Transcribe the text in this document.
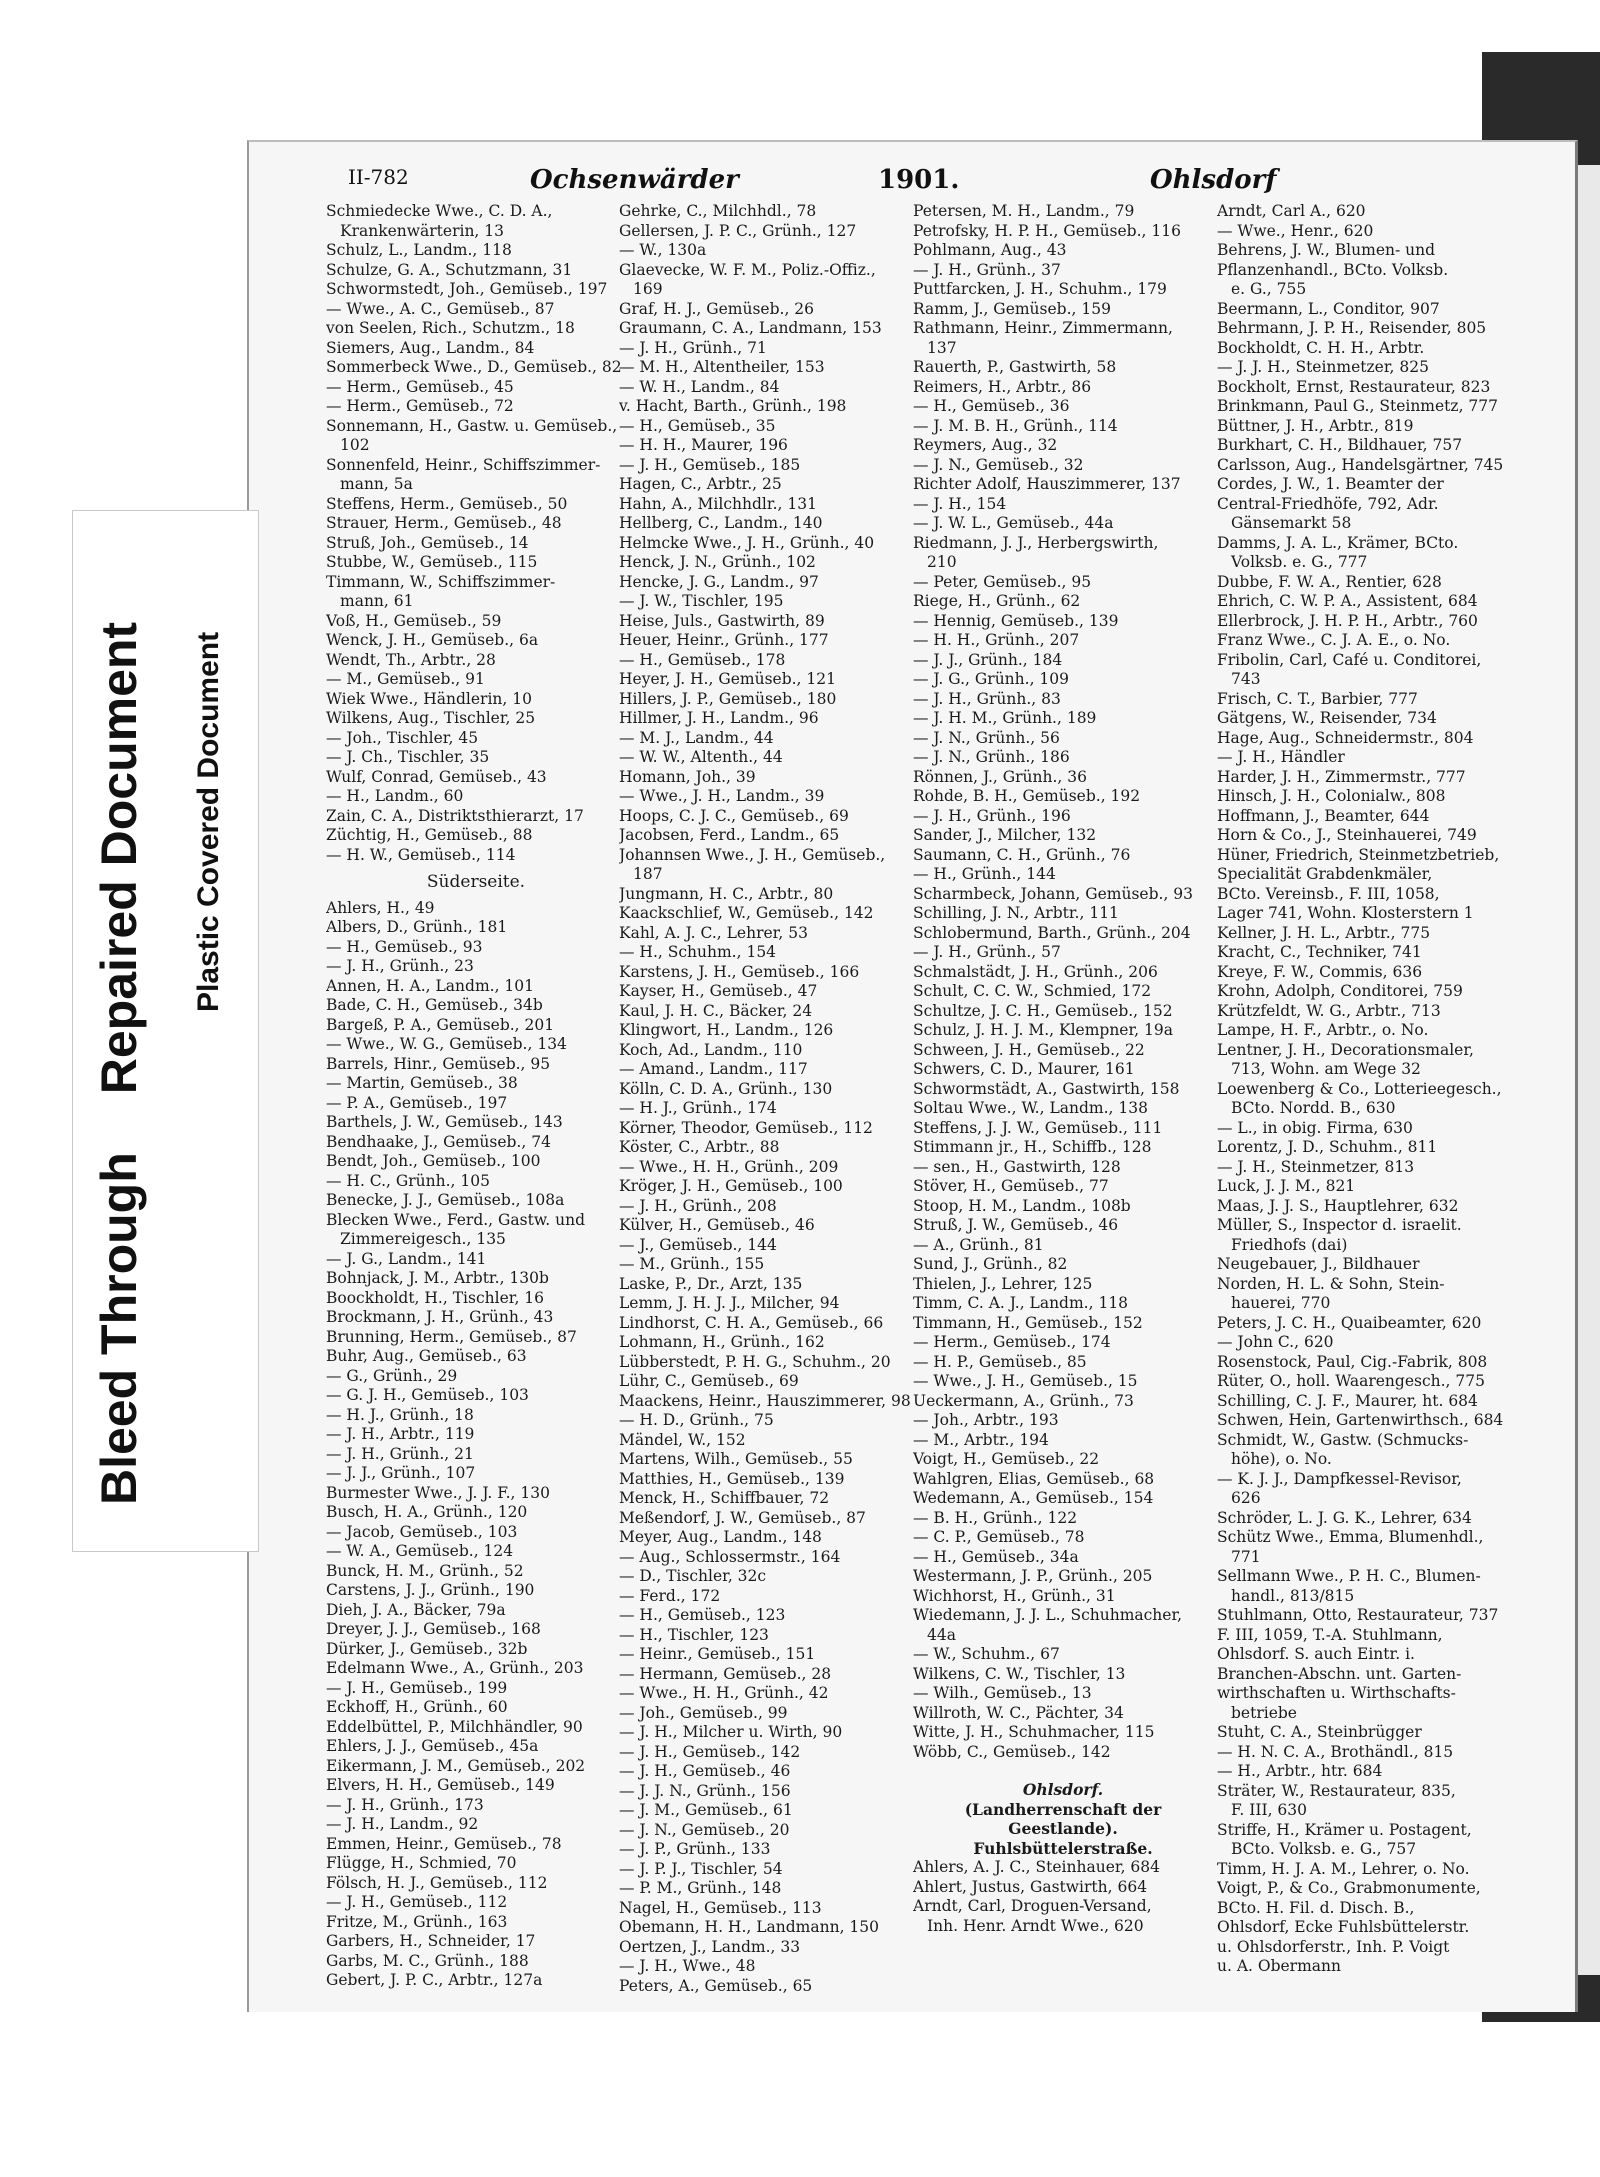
Bleed ThroughRepaired Document Plastic Covered Document
II-782	Ochsenwärder	1901.	Ohlsdorf
Schmiedecke Wwe., C. D. A.,
Krankenwärterin, 13
Schulz, L., Landm., 118
Schulze, G. A., Schutzmann, 31
Schwormstedt, Joh., Gemüseb., 197
— Wwe., A. C., Gemüseb., 87
von Seelen, Rich., Schutzm., 18
Siemers, Aug., Landm., 84
Sommerbeck Wwe., D., Gemüseb., 82
— Herm., Gemüseb., 45
— Herm., Gemüseb., 72
Sonnemann, H., Gastw. u. Gemüseb.,
102
Sonnenfeld, Heinr., Schiffszimmer-
mann, 5a
Steffens, Herm., Gemüseb., 50
Strauer, Herm., Gemüseb., 48
Struß, Joh., Gemüseb., 14
Stubbe, W., Gemüseb., 115
Timmann, W., Schiffszimmer-
mann, 61
Voß, H., Gemüseb., 59
Wenck, J. H., Gemüseb., 6a
Wendt, Th., Arbtr., 28
— M., Gemüseb., 91
Wiek Wwe., Händlerin, 10
Wilkens, Aug., Tischler, 25
— Joh., Tischler, 45
— J. Ch., Tischler, 35
Wulf, Conrad, Gemüseb., 43
— H., Landm., 60
Zain, C. A., Distriktsthierarzt, 17
Züchtig, H., Gemüseb., 88
— H. W., Gemüseb., 114
Süderseite.
Ahlers, H., 49
Albers, D., Grünh., 181
— H., Gemüseb., 93
— J. H., Grünh., 23
Annen, H. A., Landm., 101
Bade, C. H., Gemüseb., 34b
Bargeß, P. A., Gemüseb., 201
— Wwe., W. G., Gemüseb., 134
Barrels, Hinr., Gemüseb., 95
— Martin, Gemüseb., 38
— P. A., Gemüseb., 197
Barthels, J. W., Gemüseb., 143
Bendhaake, J., Gemüseb., 74
Bendt, Joh., Gemüseb., 100
— H. C., Grünh., 105
Benecke, J. J., Gemüseb., 108a
Blecken Wwe., Ferd., Gastw. und
Zimmereigesch., 135
— J. G., Landm., 141
Bohnjack, J. M., Arbtr., 130b
Boockholdt, H., Tischler, 16
Brockmann, J. H., Grünh., 43
Brunning, Herm., Gemüseb., 87
Buhr, Aug., Gemüseb., 63
— G., Grünh., 29
— G. J. H., Gemüseb., 103
— H. J., Grünh., 18
— J. H., Arbtr., 119
— J. H., Grünh., 21
— J. J., Grünh., 107
Burmester Wwe., J. J. F., 130
Busch, H. A., Grünh., 120
— Jacob, Gemüseb., 103
— W. A., Gemüseb., 124
Bunck, H. M., Grünh., 52
Carstens, J. J., Grünh., 190
Dieh, J. A., Bäcker, 79a
Dreyer, J. J., Gemüseb., 168
Dürker, J., Gemüseb., 32b
Edelmann Wwe., A., Grünh., 203
— J. H., Gemüseb., 199
Eckhoff, H., Grünh., 60
Eddelbüttel, P., Milchhändler, 90
Ehlers, J. J., Gemüseb., 45a
Eikermann, J. M., Gemüseb., 202
Elvers, H. H., Gemüseb., 149
— J. H., Grünh., 173
— J. H., Landm., 92
Emmen, Heinr., Gemüseb., 78
Flügge, H., Schmied, 70
Fölsch, H. J., Gemüseb., 112
— J. H., Gemüseb., 112
Fritze, M., Grünh., 163
Garbers, H., Schneider, 17
Garbs, M. C., Grünh., 188
Gebert, J. P. C., Arbtr., 127a
Gehrke, C., Milchhdl., 78
Gellersen, J. P. C., Grünh., 127
— W., 130a
Glaevecke, W. F. M., Poliz.-Offiz.,
169
Graf, H. J., Gemüseb., 26
Graumann, C. A., Landmann, 153
— J. H., Grünh., 71
— M. H., Altentheiler, 153
— W. H., Landm., 84
v. Hacht, Barth., Grünh., 198
— H., Gemüseb., 35
— H. H., Maurer, 196
— J. H., Gemüseb., 185
Hagen, C., Arbtr., 25
Hahn, A., Milchhdlr., 131
Hellberg, C., Landm., 140
Helmcke Wwe., J. H., Grünh., 40
Henck, J. N., Grünh., 102
Hencke, J. G., Landm., 97
— J. W., Tischler, 195
Heise, Juls., Gastwirth, 89
Heuer, Heinr., Grünh., 177
— H., Gemüseb., 178
Heyer, J. H., Gemüseb., 121
Hillers, J. P., Gemüseb., 180
Hillmer, J. H., Landm., 96
— M. J., Landm., 44
— W. W., Altenth., 44
Homann, Joh., 39
— Wwe., J. H., Landm., 39
Hoops, C. J. C., Gemüseb., 69
Jacobsen, Ferd., Landm., 65
Johannsen Wwe., J. H., Gemüseb.,
187
Jungmann, H. C., Arbtr., 80
Kaackschlief, W., Gemüseb., 142
Kahl, A. J. C., Lehrer, 53
— H., Schuhm., 154
Karstens, J. H., Gemüseb., 166
Kayser, H., Gemüseb., 47
Kaul, J. H. C., Bäcker, 24
Klingwort, H., Landm., 126
Koch, Ad., Landm., 110
— Amand., Landm., 117
Kölln, C. D. A., Grünh., 130
— H. J., Grünh., 174
Körner, Theodor, Gemüseb., 112
Köster, C., Arbtr., 88
— Wwe., H. H., Grünh., 209
Kröger, J. H., Gemüseb., 100
— J. H., Grünh., 208
Külver, H., Gemüseb., 46
— J., Gemüseb., 144
— M., Grünh., 155
Laske, P., Dr., Arzt, 135
Lemm, J. H. J. J., Milcher, 94
Lindhorst, C. H. A., Gemüseb., 66
Lohmann, H., Grünh., 162
Lübberstedt, P. H. G., Schuhm., 20
Lühr, C., Gemüseb., 69
Maackens, Heinr., Hauszimmerer, 98
— H. D., Grünh., 75
Mändel, W., 152
Martens, Wilh., Gemüseb., 55
Matthies, H., Gemüseb., 139
Menck, H., Schiffbauer, 72
Meßendorf, J. W., Gemüseb., 87
Meyer, Aug., Landm., 148
— Aug., Schlossermstr., 164
— D., Tischler, 32c
— Ferd., 172
— H., Gemüseb., 123
— H., Tischler, 123
— Heinr., Gemüseb., 151
— Hermann, Gemüseb., 28
— Wwe., H. H., Grünh., 42
— Joh., Gemüseb., 99
— J. H., Milcher u. Wirth, 90
— J. H., Gemüseb., 142
— J. H., Gemüseb., 46
— J. J. N., Grünh., 156
— J. M., Gemüseb., 61
— J. N., Gemüseb., 20
— J. P., Grünh., 133
— J. P. J., Tischler, 54
— P. M., Grünh., 148
Nagel, H., Gemüseb., 113
Obemann, H. H., Landmann, 150
Oertzen, J., Landm., 33
— J. H., Wwe., 48
Peters, A., Gemüseb., 65
Petersen, M. H., Landm., 79
Petrofsky, H. P. H., Gemüseb., 116
Pohlmann, Aug., 43
— J. H., Grünh., 37
Puttfarcken, J. H., Schuhm., 179
Ramm, J., Gemüseb., 159
Rathmann, Heinr., Zimmermann,
137
Rauerth, P., Gastwirth, 58
Reimers, H., Arbtr., 86
— H., Gemüseb., 36
— J. M. B. H., Grünh., 114
Reymers, Aug., 32
— J. N., Gemüseb., 32
Richter Adolf, Hauszimmerer, 137
— J. H., 154
— J. W. L., Gemüseb., 44a
Riedmann, J. J., Herbergswirth,
210
— Peter, Gemüseb., 95
Riege, H., Grünh., 62
— Hennig, Gemüseb., 139
— H. H., Grünh., 207
— J. J., Grünh., 184
— J. G., Grünh., 109
— J. H., Grünh., 83
— J. H. M., Grünh., 189
— J. N., Grünh., 56
— J. N., Grünh., 186
Rönnen, J., Grünh., 36
Rohde, B. H., Gemüseb., 192
— J. H., Grünh., 196
Sander, J., Milcher, 132
Saumann, C. H., Grünh., 76
— H., Grünh., 144
Scharmbeck, Johann, Gemüseb., 93
Schilling, J. N., Arbtr., 111
Schlobermund, Barth., Grünh., 204
— J. H., Grünh., 57
Schmalstädt, J. H., Grünh., 206
Schult, C. C. W., Schmied, 172
Schultze, J. C. H., Gemüseb., 152
Schulz, J. H. J. M., Klempner, 19a
Schween, J. H., Gemüseb., 22
Schwers, C. D., Maurer, 161
Schwormstädt, A., Gastwirth, 158
Soltau Wwe., W., Landm., 138
Steffens, J. J. W., Gemüseb., 111
Stimmann jr., H., Schiffb., 128
— sen., H., Gastwirth, 128
Stöver, H., Gemüseb., 77
Stoop, H. M., Landm., 108b
Struß, J. W., Gemüseb., 46
— A., Grünh., 81
Sund, J., Grünh., 82
Thielen, J., Lehrer, 125
Timm, C. A. J., Landm., 118
Timmann, H., Gemüseb., 152
— Herm., Gemüseb., 174
— H. P., Gemüseb., 85
— Wwe., J. H., Gemüseb., 15
Ueckermann, A., Grünh., 73
— Joh., Arbtr., 193
— M., Arbtr., 194
Voigt, H., Gemüseb., 22
Wahlgren, Elias, Gemüseb., 68
Wedemann, A., Gemüseb., 154
— B. H., Grünh., 122
— C. P., Gemüseb., 78
— H., Gemüseb., 34a
Westermann, J. P., Grünh., 205
Wichhorst, H., Grünh., 31
Wiedemann, J. J. L., Schuhmacher,
44a
— W., Schuhm., 67
Wilkens, C. W., Tischler, 13
— Wilh., Gemüseb., 13
Willroth, W. C., Pächter, 34
Witte, J. H., Schuhmacher, 115
Wöbb, C., Gemüseb., 142
Ohlsdorf.
(Landherrenschaft der
Geestlande).
Fuhlsbüttelerstraße.
Ahlers, A. J. C., Steinhauer, 684
Ahlert, Justus, Gastwirth, 664
Arndt, Carl, Droguen-Versand,
Inh. Henr. Arndt Wwe., 620
Arndt, Carl A., 620
— Wwe., Henr., 620
Behrens, J. W., Blumen- und
Pflanzenhandl., BCto. Volksb.
e. G., 755
Beermann, L., Conditor, 907
Behrmann, J. P. H., Reisender, 805
Bockholdt, C. H. H., Arbtr.
— J. J. H., Steinmetzer, 825
Bockholt, Ernst, Restaurateur, 823
Brinkmann, Paul G., Steinmetz, 777
Büttner, J. H., Arbtr., 819
Burkhart, C. H., Bildhauer, 757
Carlsson, Aug., Handelsgärtner, 745
Cordes, J. W., 1. Beamter der
Central-Friedhöfe, 792, Adr.
Gänsemarkt 58
Damms, J. A. L., Krämer, BCto.
Volksb. e. G., 777
Dubbe, F. W. A., Rentier, 628
Ehrich, C. W. P. A., Assistent, 684
Ellerbrock, J. H. P. H., Arbtr., 760
Franz Wwe., C. J. A. E., o. No.
Fribolin, Carl, Café u. Conditorei,
743
Frisch, C. T., Barbier, 777
Gätgens, W., Reisender, 734
Hage, Aug., Schneidermstr., 804
— J. H., Händler
Harder, J. H., Zimmermstr., 777
Hinsch, J. H., Colonialw., 808
Hoffmann, J., Beamter, 644
Horn & Co., J., Steinhauerei, 749
Hüner, Friedrich, Steinmetzbetrieb,
Specialität Grabdenkmäler,
BCto. Vereinsb., F. III, 1058,
Lager 741, Wohn. Klosterstern 1
Kellner, J. H. L., Arbtr., 775
Kracht, C., Techniker, 741
Kreye, F. W., Commis, 636
Krohn, Adolph, Conditorei, 759
Krützfeldt, W. G., Arbtr., 713
Lampe, H. F., Arbtr., o. No.
Lentner, J. H., Decorationsmaler,
713, Wohn. am Wege 32
Loewenberg & Co., Lotterieegesch.,
BCto. Nordd. B., 630
— L., in obig. Firma, 630
Lorentz, J. D., Schuhm., 811
— J. H., Steinmetzer, 813
Luck, J. J. M., 821
Maas, J. J. S., Hauptlehrer, 632
Müller, S., Inspector d. israelit.
Friedhofs (dai)
Neugebauer, J., Bildhauer
Norden, H. L. & Sohn, Stein-
hauerei, 770
Peters, J. C. H., Quaibeamter, 620
— John C., 620
Rosenstock, Paul, Cig.-Fabrik, 808
Rüter, O., holl. Waarengesch., 775
Schilling, C. J. F., Maurer, ht. 684
Schwen, Hein, Gartenwirthsch., 684
Schmidt, W., Gastw. (Schmucks-
höhe), o. No.
— K. J. J., Dampfkessel-Revisor,
626
Schröder, L. J. G. K., Lehrer, 634
Schütz Wwe., Emma, Blumenhdl.,
771
Sellmann Wwe., P. H. C., Blumen-
handl., 813/815
Stuhlmann, Otto, Restaurateur, 737
F. III, 1059, T.-A. Stuhlmann,
Ohlsdorf. S. auch Eintr. i.
Branchen-Abschn. unt. Garten-
wirthschaften u. Wirthschafts-
betriebe
Stuht, C. A., Steinbrügger
— H. N. C. A., Brothändl., 815
— H., Arbtr., htr. 684
Sträter, W., Restaurateur, 835,
F. III, 630
Striffe, H., Krämer u. Postagent,
BCto. Volksb. e. G., 757
Timm, H. J. A. M., Lehrer, o. No.
Voigt, P., & Co., Grabmonumente,
BCto. H. Fil. d. Disch. B.,
Ohlsdorf, Ecke Fuhlsbüttelerstr.
u. Ohlsdorferstr., Inh. P. Voigt
u. A. Obermann
